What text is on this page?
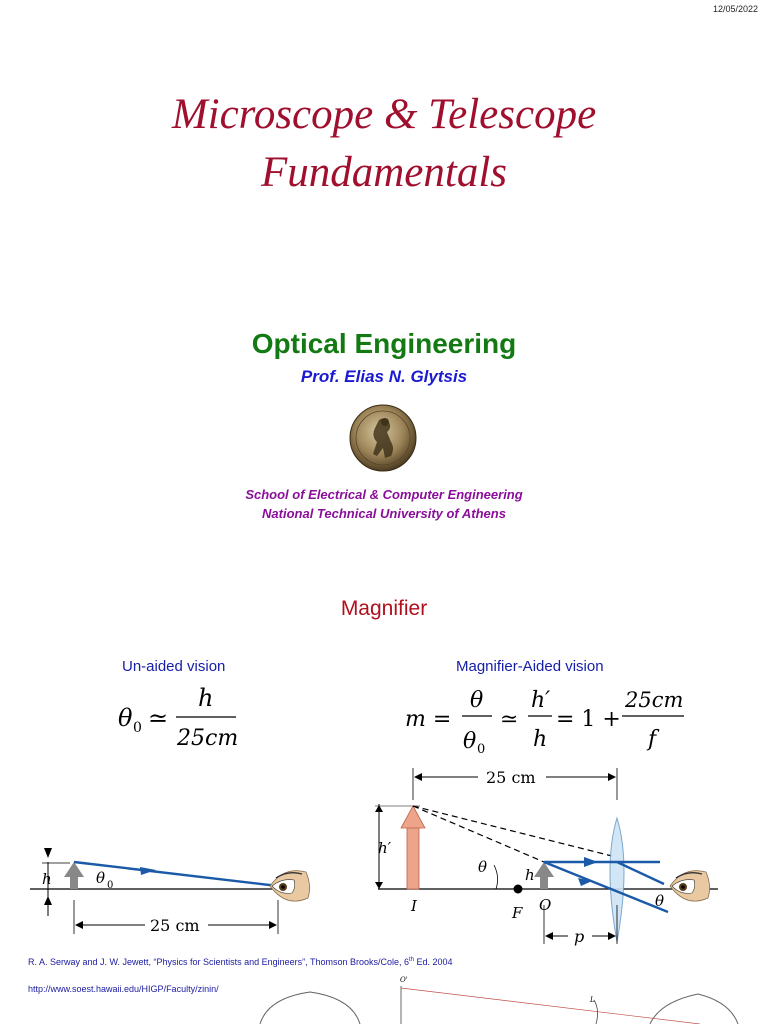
12/05/2022
Microscope & Telescope
Fundamentals
Optical Engineering
Prof. Elias N. Glytsis
School of Electrical & Computer Engineering
National Technical University of Athens
Magnifier
Un-aided vision	Magnifier-Aided vision
θ 0 ≃
h
25cm
m =
θ
θ 0
≃
h′
h
= 1 +
25cm
f
h	θ 0
25 cm
25 cm
h′
θ
F
I
h
O	θ
p
O'
L
R. A. Serway and J. W. Jewett, “Physics for Scientists and Engineers”, Thomson Brooks/Cole, 6th Ed. 2004
http://www.soest.hawaii.edu/HIGP/Faculty/zinin/
